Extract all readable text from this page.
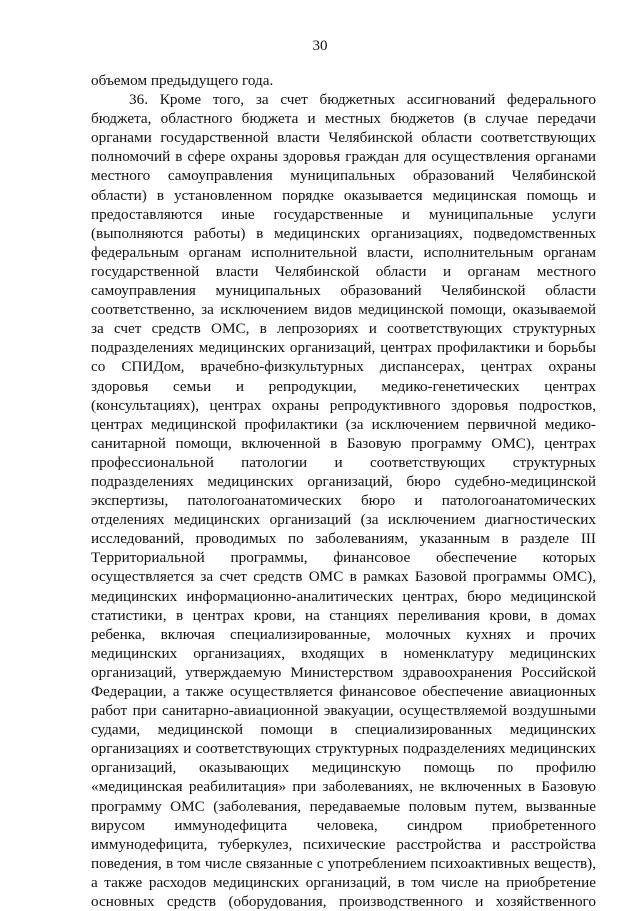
30
объемом предыдущего года.
36. Кроме того, за счет бюджетных ассигнований федерального
бюджета, областного бюджета и местных бюджетов (в случае передачи
органами государственной власти Челябинской области соответствующих
полномочий в сфере охраны здоровья граждан для осуществления органами
местного самоуправления муниципальных образований Челябинской
области) в установленном порядке оказывается медицинская помощь и
предоставляются иные государственные и муниципальные услуги
(выполняются работы) в медицинских организациях, подведомственных
федеральным органам исполнительной власти, исполнительным органам
государственной власти Челябинской области и органам местного
самоуправления муниципальных образований Челябинской области
соответственно, за исключением видов медицинской помощи, оказываемой
за счет средств ОМС, в лепрозориях и соответствующих структурных
подразделениях медицинских организаций, центрах профилактики и борьбы
со СПИДом, врачебно-физкультурных диспансерах, центрах охраны
здоровья семьи и репродукции, медико-генетических центрах
(консультациях), центрах охраны репродуктивного здоровья подростков,
центрах медицинской профилактики (за исключением первичной медико-
санитарной помощи, включенной в Базовую программу ОМС), центрах
профессиональной патологии и соответствующих структурных
подразделениях медицинских организаций, бюро судебно-медицинской
экспертизы, патологоанатомических бюро и патологоанатомических
отделениях медицинских организаций (за исключением диагностических
исследований, проводимых по заболеваниям, указанным в разделе III
Территориальной программы, финансовое обеспечение которых
осуществляется за счет средств ОМС в рамках Базовой программы ОМС),
медицинских информационно-аналитических центрах, бюро медицинской
статистики, в центрах крови, на станциях переливания крови, в домах
ребенка, включая специализированные, молочных кухнях и прочих
медицинских организациях, входящих в номенклатуру медицинских
организаций, утверждаемую Министерством здравоохранения Российской
Федерации, а также осуществляется финансовое обеспечение авиационных
работ при санитарно-авиационной эвакуации, осуществляемой воздушными
судами, медицинской помощи в специализированных медицинских
организациях и соответствующих структурных подразделениях медицинских
организаций, оказывающих медицинскую помощь по профилю
«медицинская реабилитация» при заболеваниях, не включенных в Базовую
программу ОМС (заболевания, передаваемые половым путем, вызванные
вирусом иммунодефицита человека, синдром приобретенного
иммунодефицита, туберкулез, психические расстройства и расстройства
поведения, в том числе связанные с употреблением психоактивных веществ),
а также расходов медицинских организаций, в том числе на приобретение
основных средств (оборудования, производственного и хозяйственного
